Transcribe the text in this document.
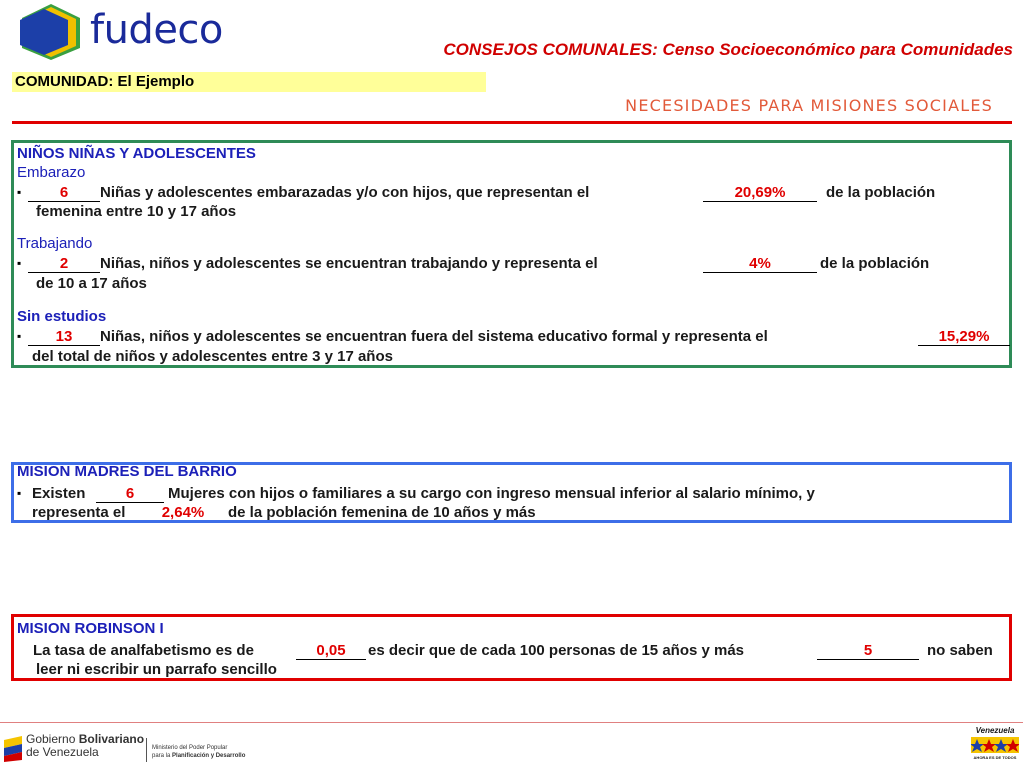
fudeco	CONSEJOS COMUNALES: Censo Socioeconómico para Comunidades
COMUNIDAD: El Ejemplo
NECESIDADES PARA MISIONES SOCIALES
NIÑOS NIÑAS Y ADOLESCENTES
Embarazo
▪	6	Niñas y adolescentes embarazadas y/o con hijos, que representan el	20,69%	de la población
femenina entre 10 y 17 años
Trabajando
▪	2	Niñas, niños y adolescentes se encuentran trabajando y representa el	4%	de la población
de 10 a 17 años
Sin estudios
▪	13	Niñas, niños y adolescentes se encuentran fuera del sistema educativo formal y representa el	15,29%
del total de niños y adolescentes entre 3 y 17 años
MISION MADRES DEL BARRIO
▪ Existen	6	Mujeres con hijos o familiares a su cargo con ingreso mensual inferior al salario mínimo, y
representa el	2,64%	de la población femenina de 10 años y más
MISION ROBINSON I
La tasa de analfabetismo es de	0,05	es decir que de cada 100 personas de 15 años y más	5	no saben
leer ni escribir un parrafo sencillo
Gobierno Bolivariano
de Venezuela	Ministerio del Poder Popular
para la Planificación y Desarrollo
Venezuela
AHORA ES DE TODOS
